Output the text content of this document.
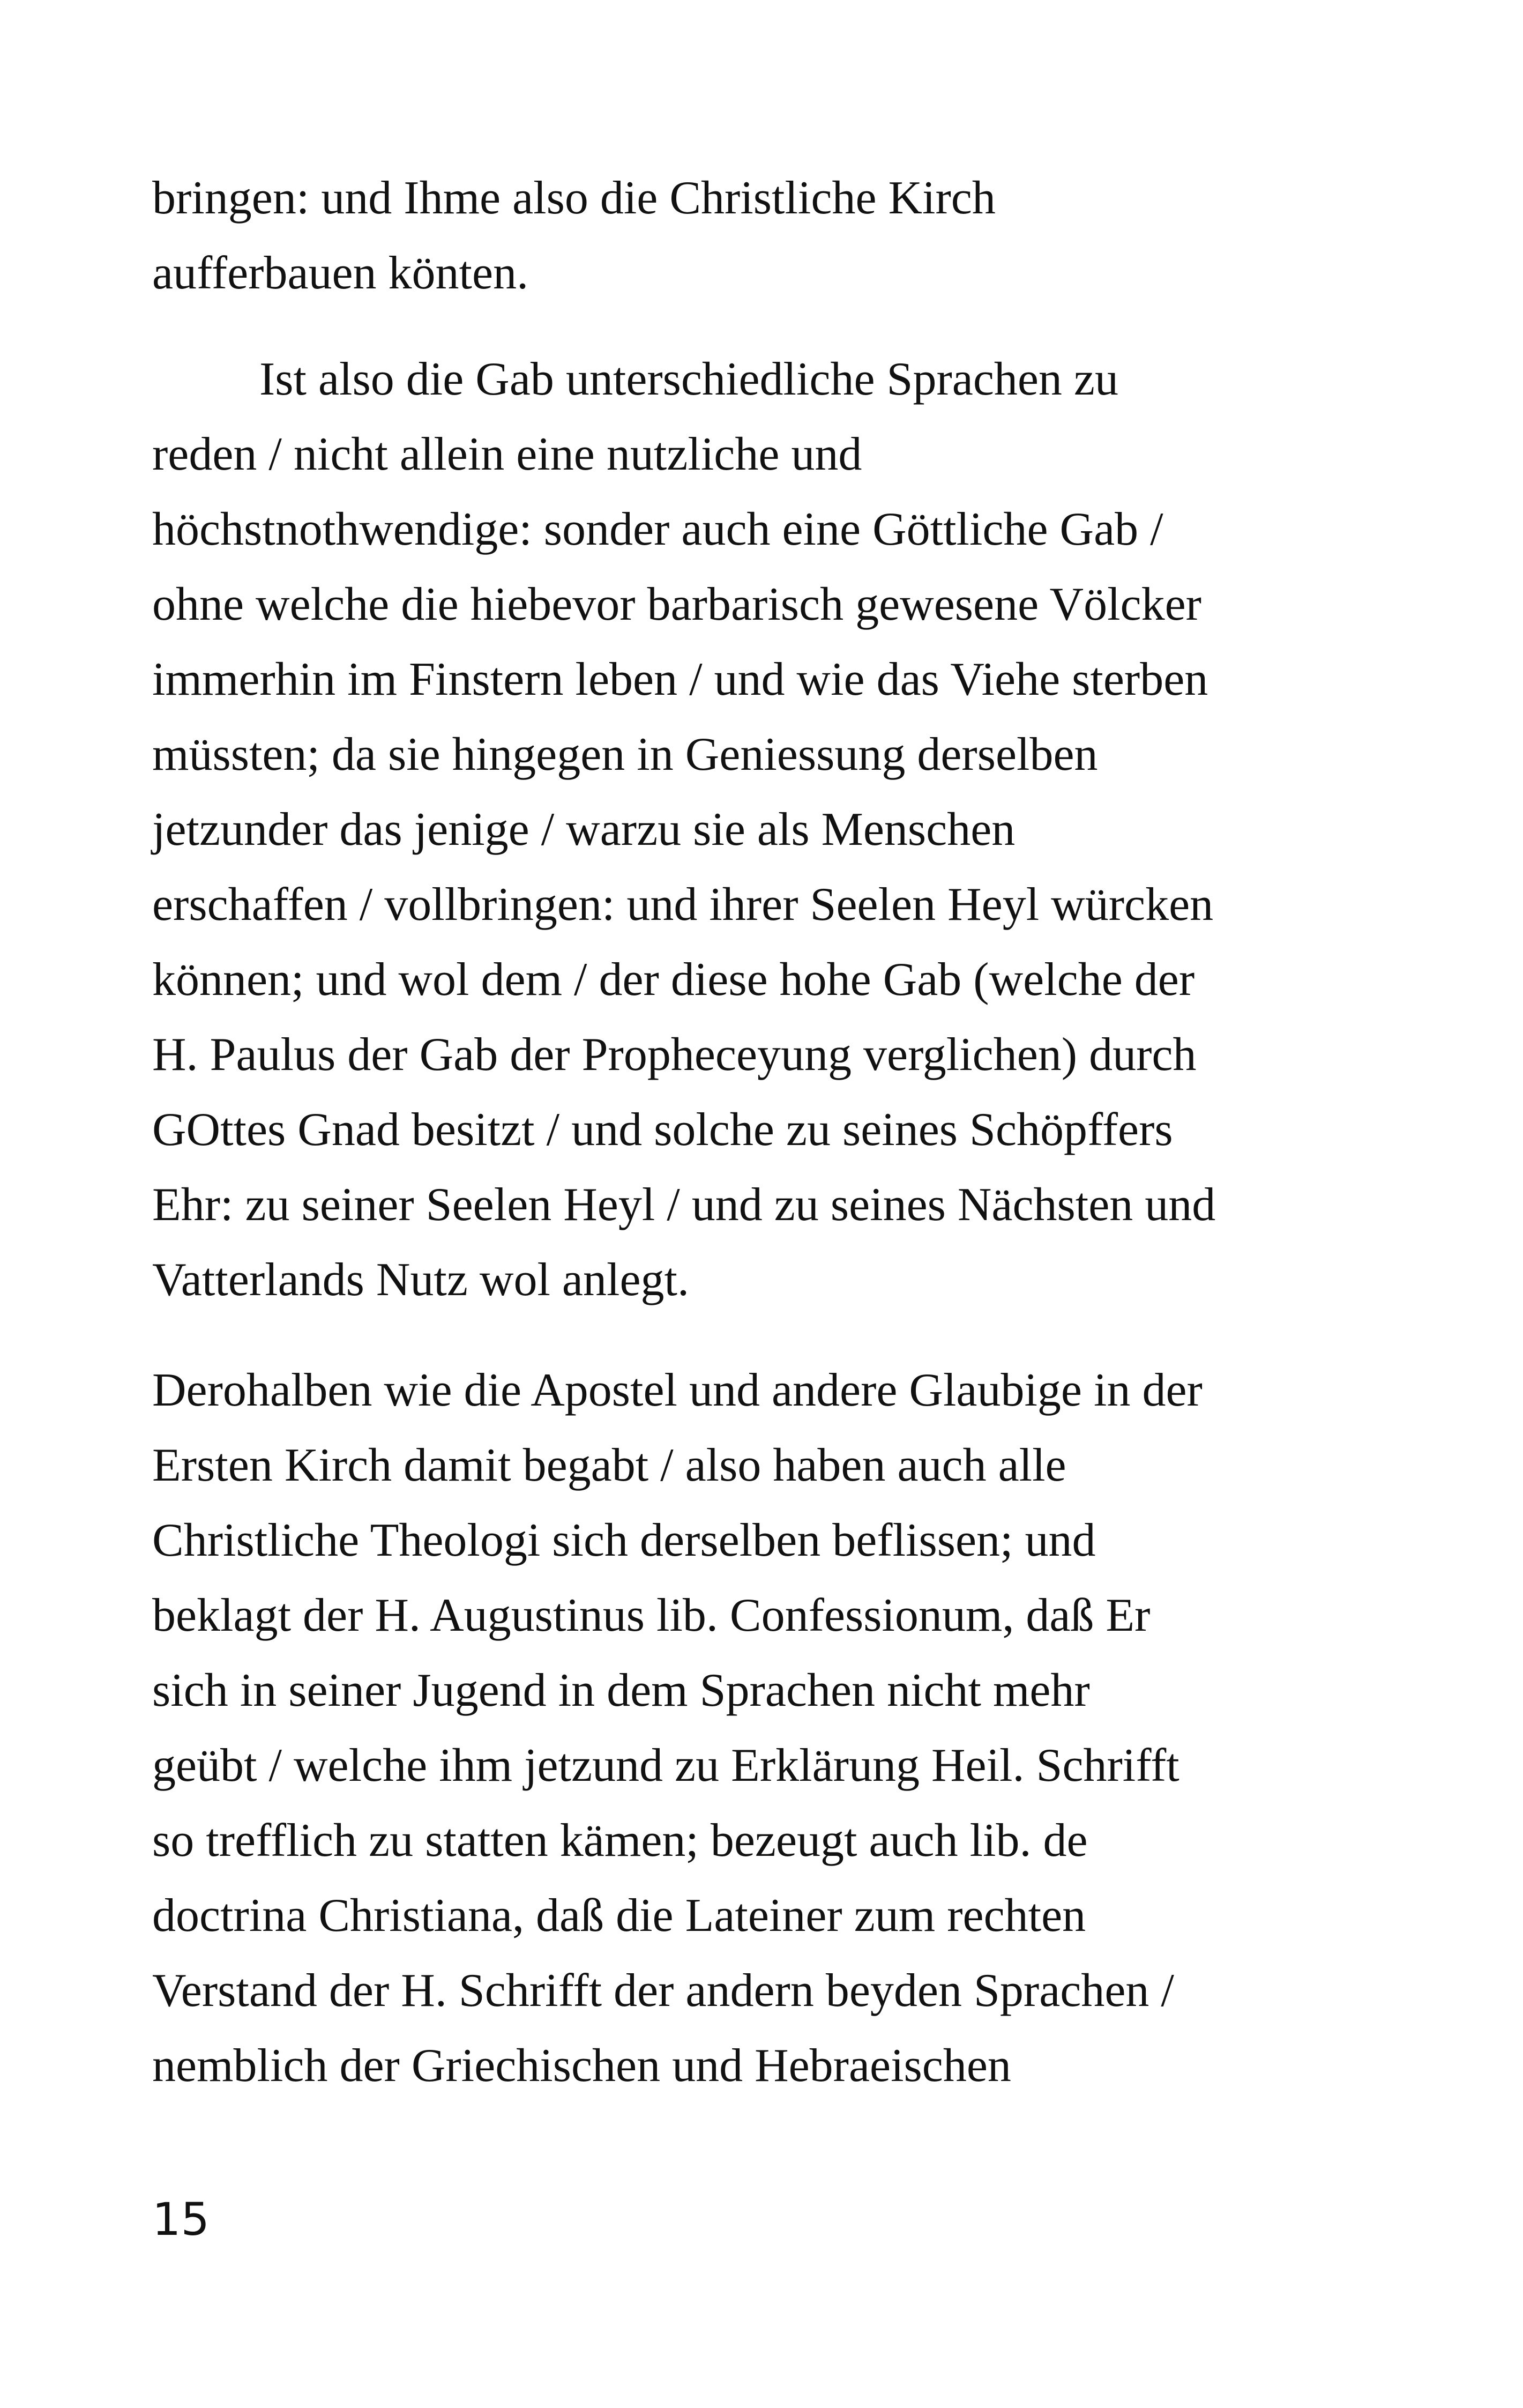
bringen: und Ihme also die Christliche Kirch
aufferbauen könten.
Ist also die Gab unterschiedliche Sprachen zu
reden / nicht allein eine nutzliche und
höchstnothwendige: sonder auch eine Göttliche Gab /
ohne welche die hiebevor barbarisch gewesene Völcker
immerhin im Finstern leben / und wie das Viehe sterben
müssten; da sie hingegen in Geniessung derselben
jetzunder das jenige / warzu sie als Menschen
erschaffen / vollbringen: und ihrer Seelen Heyl würcken
können; und wol dem / der diese hohe Gab (welche der
H. Paulus der Gab der Propheceyung verglichen) durch
GOttes Gnad besitzt / und solche zu seines Schöpffers
Ehr: zu seiner Seelen Heyl / und zu seines Nächsten und
Vatterlands Nutz wol anlegt.
Derohalben wie die Apostel und andere Glaubige in der
Ersten Kirch damit begabt / also haben auch alle
Christliche Theologi sich derselben beflissen; und
beklagt der H. Augustinus lib. Confessionum, daß Er
sich in seiner Jugend in dem Sprachen nicht mehr
geübt / welche ihm jetzund zu Erklärung Heil. Schrifft
so trefflich zu statten kämen; bezeugt auch lib. de
doctrina Christiana, daß die Lateiner zum rechten
Verstand der H. Schrifft der andern beyden Sprachen /
nemblich der Griechischen und Hebraeischen
15
